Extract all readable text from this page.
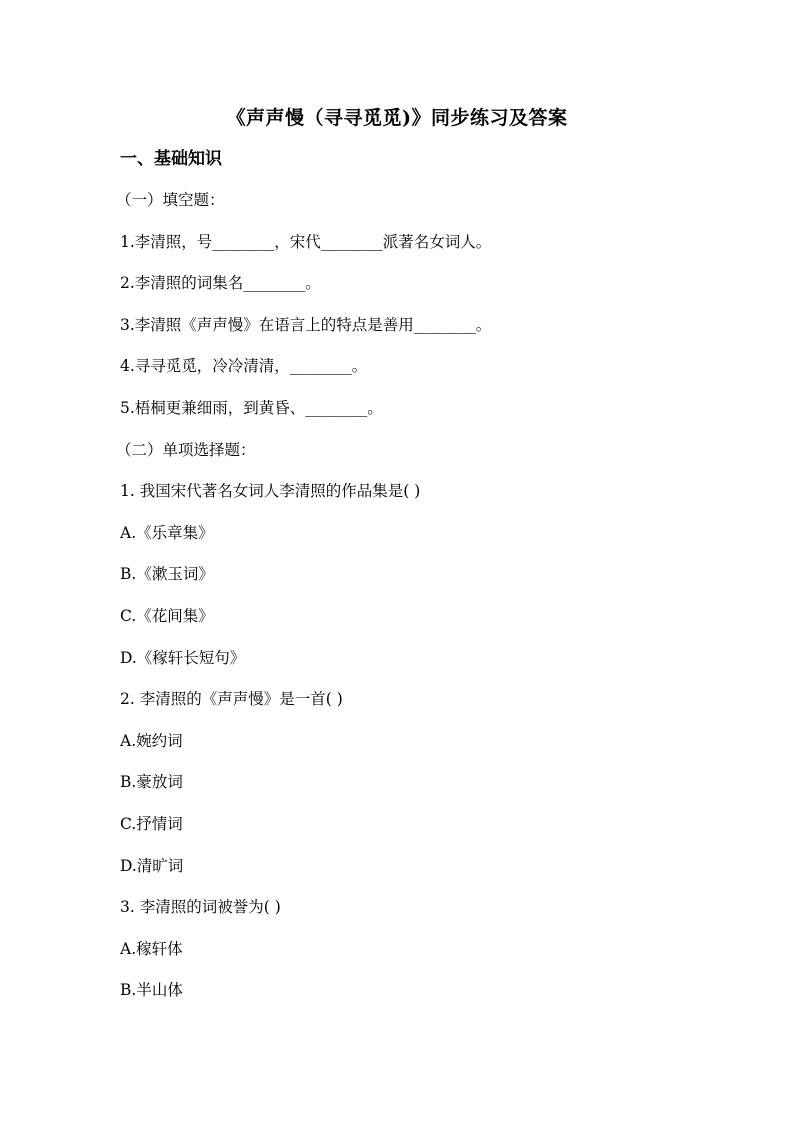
《声声慢（寻寻觅觅)》同步练习及答案
一、基础知识
（一）填空题：
1.李清照，号________，宋代________派著名女词人。
2.李清照的词集名________。
3.李清照《声声慢》在语言上的特点是善用________。
4.寻寻觅觅，冷冷清清，________。
5.梧桐更兼细雨，到黄昏、________。
（二）单项选择题：
1. 我国宋代著名女词人李清照的作品集是( )
A.《乐章集》
B.《漱玉词》
C.《花间集》
D.《稼轩长短句》
2. 李清照的《声声慢》是一首( )
A.婉约词
B.豪放词
C.抒情词
D.清旷词
3. 李清照的词被誉为( )
A.稼轩体
B.半山体
